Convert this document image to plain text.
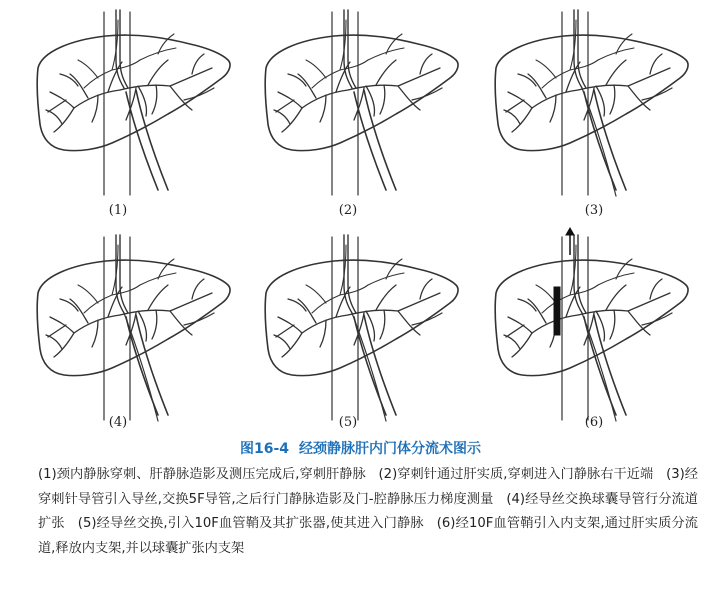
(1)	(2)	(3)
(4)	(5)	(6)
图16-4 经颈静脉肝内门体分流术图示
(1)颈内静脉穿刺、肝静脉造影及测压完成后,穿刺肝静脉 (2)穿刺针通过肝实质,穿刺进入门静脉右干近端 (3)经穿刺针导管引入导丝,交换5F导管,之后行门静脉造影及门-腔静脉压力梯度测量 (4)经导丝交换球囊导管行分流道扩张 (5)经导丝交换,引入10F血管鞘及其扩张器,使其进入门静脉 (6)经10F血管鞘引入内支架,通过肝实质分流道,释放内支架,并以球囊扩张内支架
